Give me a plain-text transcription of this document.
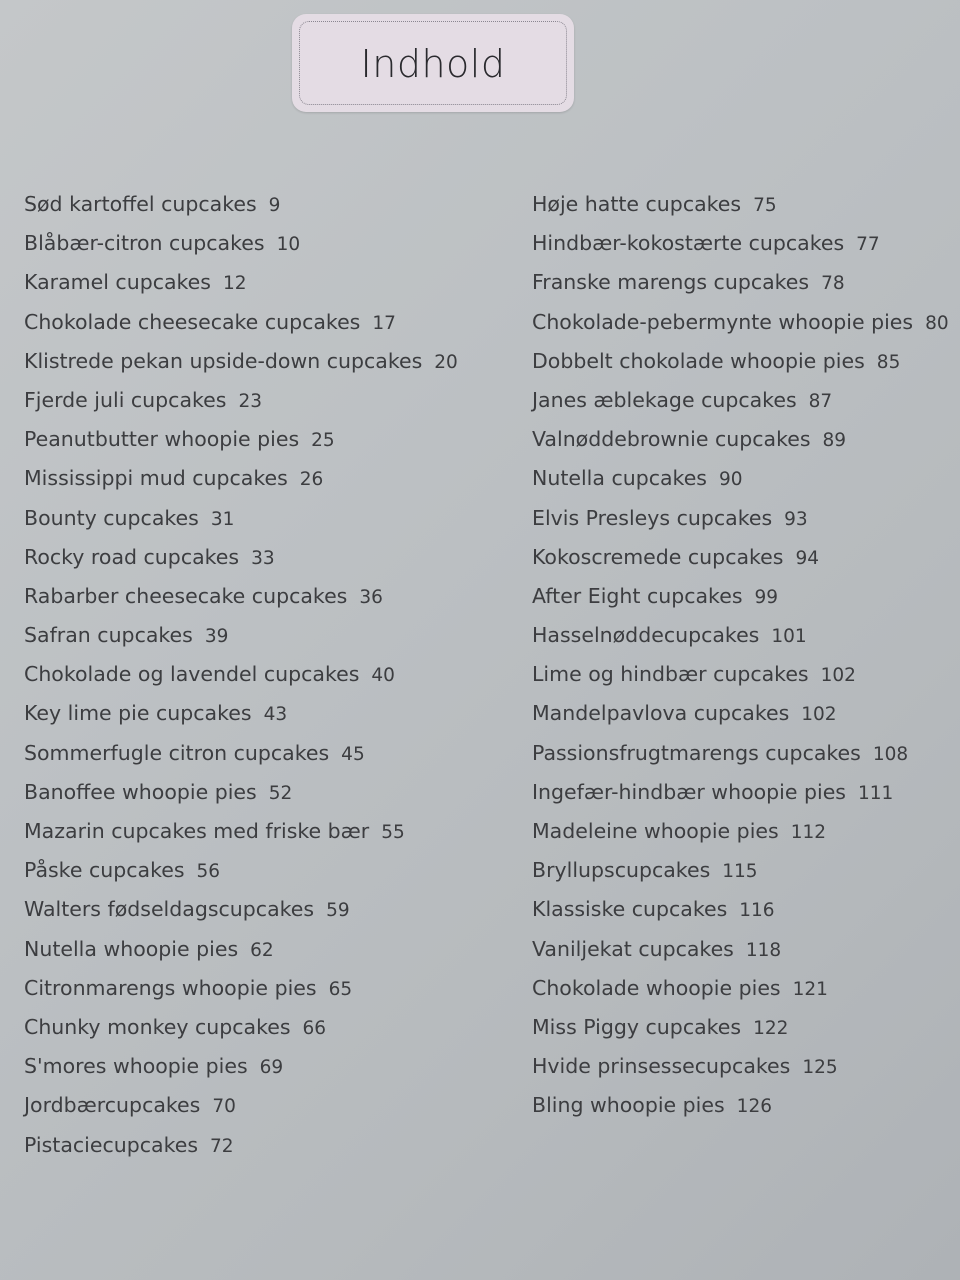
Indhold
Sød kartoffel cupcakes 9
Blåbær-citron cupcakes 10
Karamel cupcakes 12
Chokolade cheesecake cupcakes 17
Klistrede pekan upside-down cupcakes 20
Fjerde juli cupcakes 23
Peanutbutter whoopie pies 25
Mississippi mud cupcakes 26
Bounty cupcakes 31
Rocky road cupcakes 33
Rabarber cheesecake cupcakes 36
Safran cupcakes 39
Chokolade og lavendel cupcakes 40
Key lime pie cupcakes 43
Sommerfugle citron cupcakes 45
Banoffee whoopie pies 52
Mazarin cupcakes med friske bær 55
Påske cupcakes 56
Walters fødseldagscupcakes 59
Nutella whoopie pies 62
Citronmarengs whoopie pies 65
Chunky monkey cupcakes 66
S'mores whoopie pies 69
Jordbærcupcakes 70
Pistaciecupcakes 72
Høje hatte cupcakes 75
Hindbær-kokostærte cupcakes 77
Franske marengs cupcakes 78
Chokolade-pebermynte whoopie pies 80
Dobbelt chokolade whoopie pies 85
Janes æblekage cupcakes 87
Valnøddebrownie cupcakes 89
Nutella cupcakes 90
Elvis Presleys cupcakes 93
Kokoscremede cupcakes 94
After Eight cupcakes 99
Hasselnøddecupcakes 101
Lime og hindbær cupcakes 102
Mandelpavlova cupcakes 102
Passionsfrugtmarengs cupcakes 108
Ingefær-hindbær whoopie pies 111
Madeleine whoopie pies 112
Bryllupscupcakes 115
Klassiske cupcakes 116
Vaniljekat cupcakes 118
Chokolade whoopie pies 121
Miss Piggy cupcakes 122
Hvide prinsessecupcakes 125
Bling whoopie pies 126
